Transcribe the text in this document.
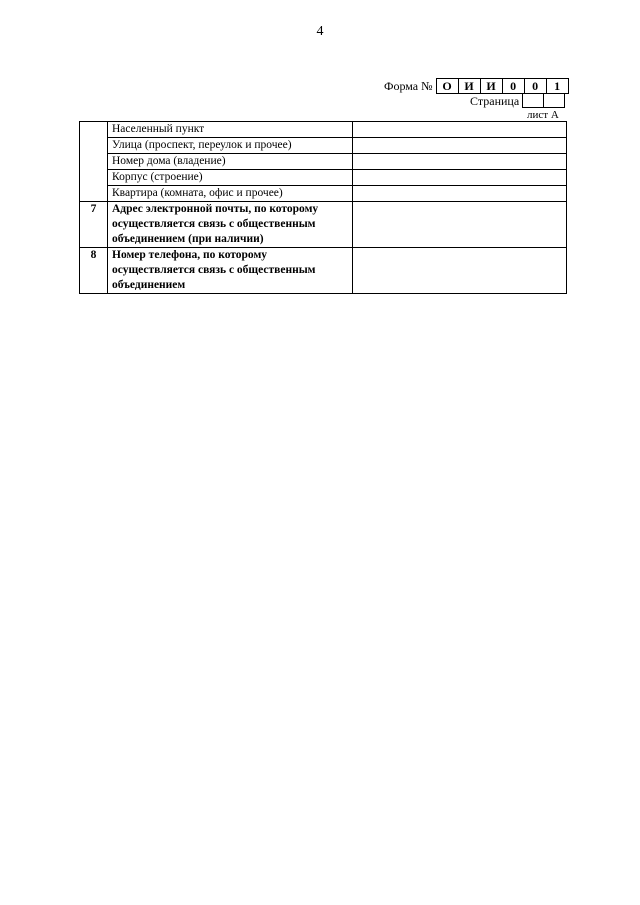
4
Форма № О	И	И	0	0	1
Страница
лист А
	Населенный пункт	
	Улица (проспект, переулок и прочее)	
	Номер дома (владение)	
	Корпус (строение)	
	Квартира (комната, офис и прочее)	
7	Адрес электронной почты, по которому осуществляется связь с общественным объединением (при наличии)	
8	Номер телефона, по которому осуществляется связь с общественным объединением	
